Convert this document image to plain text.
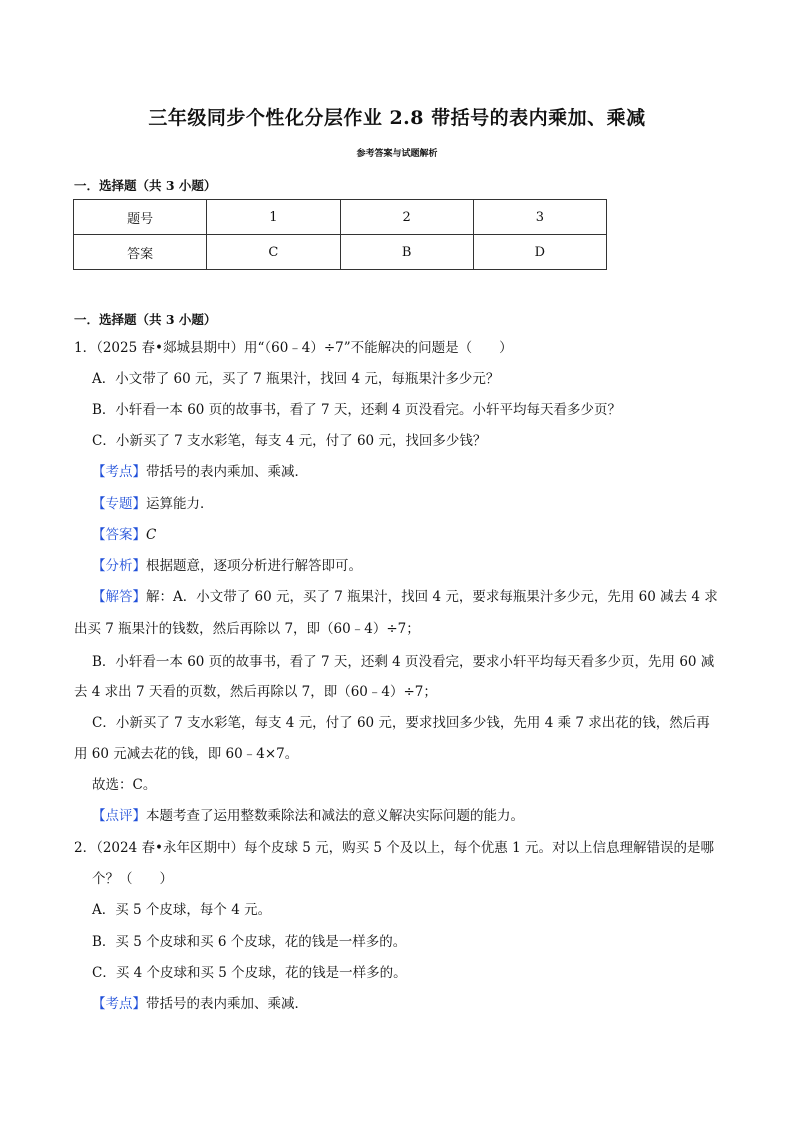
三年级同步个性化分层作业 2.8 带括号的表内乘加、乘减
参考答案与试题解析
一．选择题（共 3 小题）
题号	1	2	3
答案	C	B	D
一．选择题（共 3 小题）
1．（2025 春•郯城县期中）用“（60﹣4）÷7”不能解决的问题是（　　）
A．小文带了 60 元，买了 7 瓶果汁，找回 4 元，每瓶果汁多少元？
B．小轩看一本 60 页的故事书，看了 7 天，还剩 4 页没看完。小轩平均每天看多少页？
C．小新买了 7 支水彩笔，每支 4 元，付了 60 元，找回多少钱？
【考点】带括号的表内乘加、乘减．
【专题】运算能力．
【答案】C
【分析】根据题意，逐项分析进行解答即可。
【解答】解：A．小文带了 60 元，买了 7 瓶果汁，找回 4 元，要求每瓶果汁多少元，先用 60 减去 4 求
出买 7 瓶果汁的钱数，然后再除以 7，即（60﹣4）÷7；
B．小轩看一本 60 页的故事书，看了 7 天，还剩 4 页没看完，要求小轩平均每天看多少页，先用 60 减
去 4 求出 7 天看的页数，然后再除以 7，即（60﹣4）÷7；
C．小新买了 7 支水彩笔，每支 4 元，付了 60 元，要求找回多少钱，先用 4 乘 7 求出花的钱，然后再
用 60 元减去花的钱，即 60﹣4×7。
故选：C。
【点评】本题考查了运用整数乘除法和减法的意义解决实际问题的能力。
2．（2024 春•永年区期中）每个皮球 5 元，购买 5 个及以上，每个优惠 1 元。对以上信息理解错误的是哪
个？（　　）
A．买 5 个皮球，每个 4 元。
B．买 5 个皮球和买 6 个皮球，花的钱是一样多的。
C．买 4 个皮球和买 5 个皮球，花的钱是一样多的。
【考点】带括号的表内乘加、乘减．
